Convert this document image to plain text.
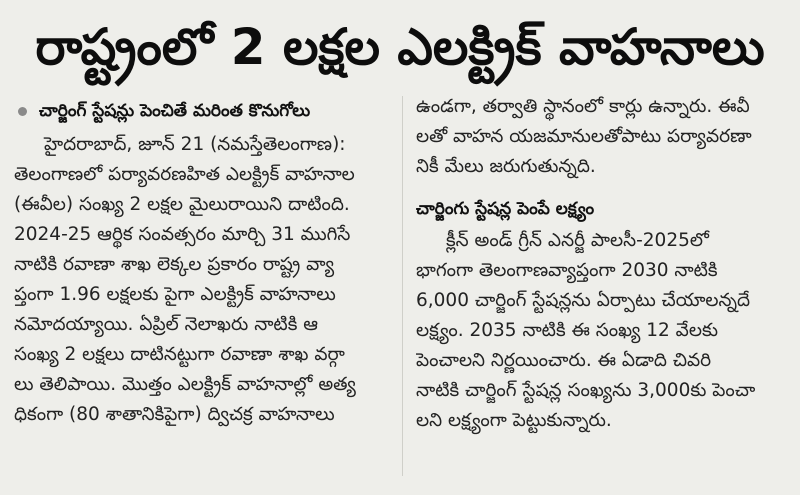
రాష్ట్రంలో 2 లక్షల ఎలక్ట్రిక్ వాహనాలు
చార్జింగ్ స్టేషన్లు పెంచితే మరింత కొనుగోలు
హైదరాబాద్, జూన్ 21 (నమస్తేతెలంగాణ):
తెలంగాణలో పర్యావరణహిత ఎలక్ట్రిక్ వాహనాల
(ఈవీల) సంఖ్య 2 లక్షల మైలురాయిని దాటింది.
2024-25 ఆర్థిక సంవత్సరం మార్చి 31 ముగిసే
నాటికి రవాణా శాఖ లెక్కల ప్రకారం రాష్ట్ర వ్యా
ప్తంగా 1.96 లక్షలకు పైగా ఎలక్ట్రిక్ వాహనాలు
నమోదయ్యాయి. ఏప్రిల్ నెలాఖరు నాటికి ఆ
సంఖ్య 2 లక్షలు దాటినట్టుగా రవాణా శాఖ వర్గా
లు తెలిపాయి. మొత్తం ఎలక్ట్రిక్ వాహనాల్లో అత్య
ధికంగా (80 శాతానికిపైగా) ద్విచక్ర వాహనాలు
ఉండగా, తర్వాతి స్థానంలో కార్లు ఉన్నారు. ఈవీ
లతో వాహన యజమానులతోపాటు పర్యావరణా
నికీ మేలు జరుగుతున్నది.
చార్జింగు స్టేషన్ల పెంపే లక్ష్యం
క్లీన్ అండ్ గ్రీన్ ఎనర్జీ పాలసీ-2025లో
భాగంగా తెలంగాణవ్యాప్తంగా 2030 నాటికి
6,000 చార్జింగ్ స్టేషన్లను ఏర్పాటు చేయాలన్నదే
లక్ష్యం. 2035 నాటికి ఈ సంఖ్య 12 వేలకు
పెంచాలని నిర్ణయించారు. ఈ ఏడాది చివరి
నాటికి చార్జింగ్ స్టేషన్ల సంఖ్యను 3,000కు పెంచా
లని లక్ష్యంగా పెట్టుకున్నారు.
